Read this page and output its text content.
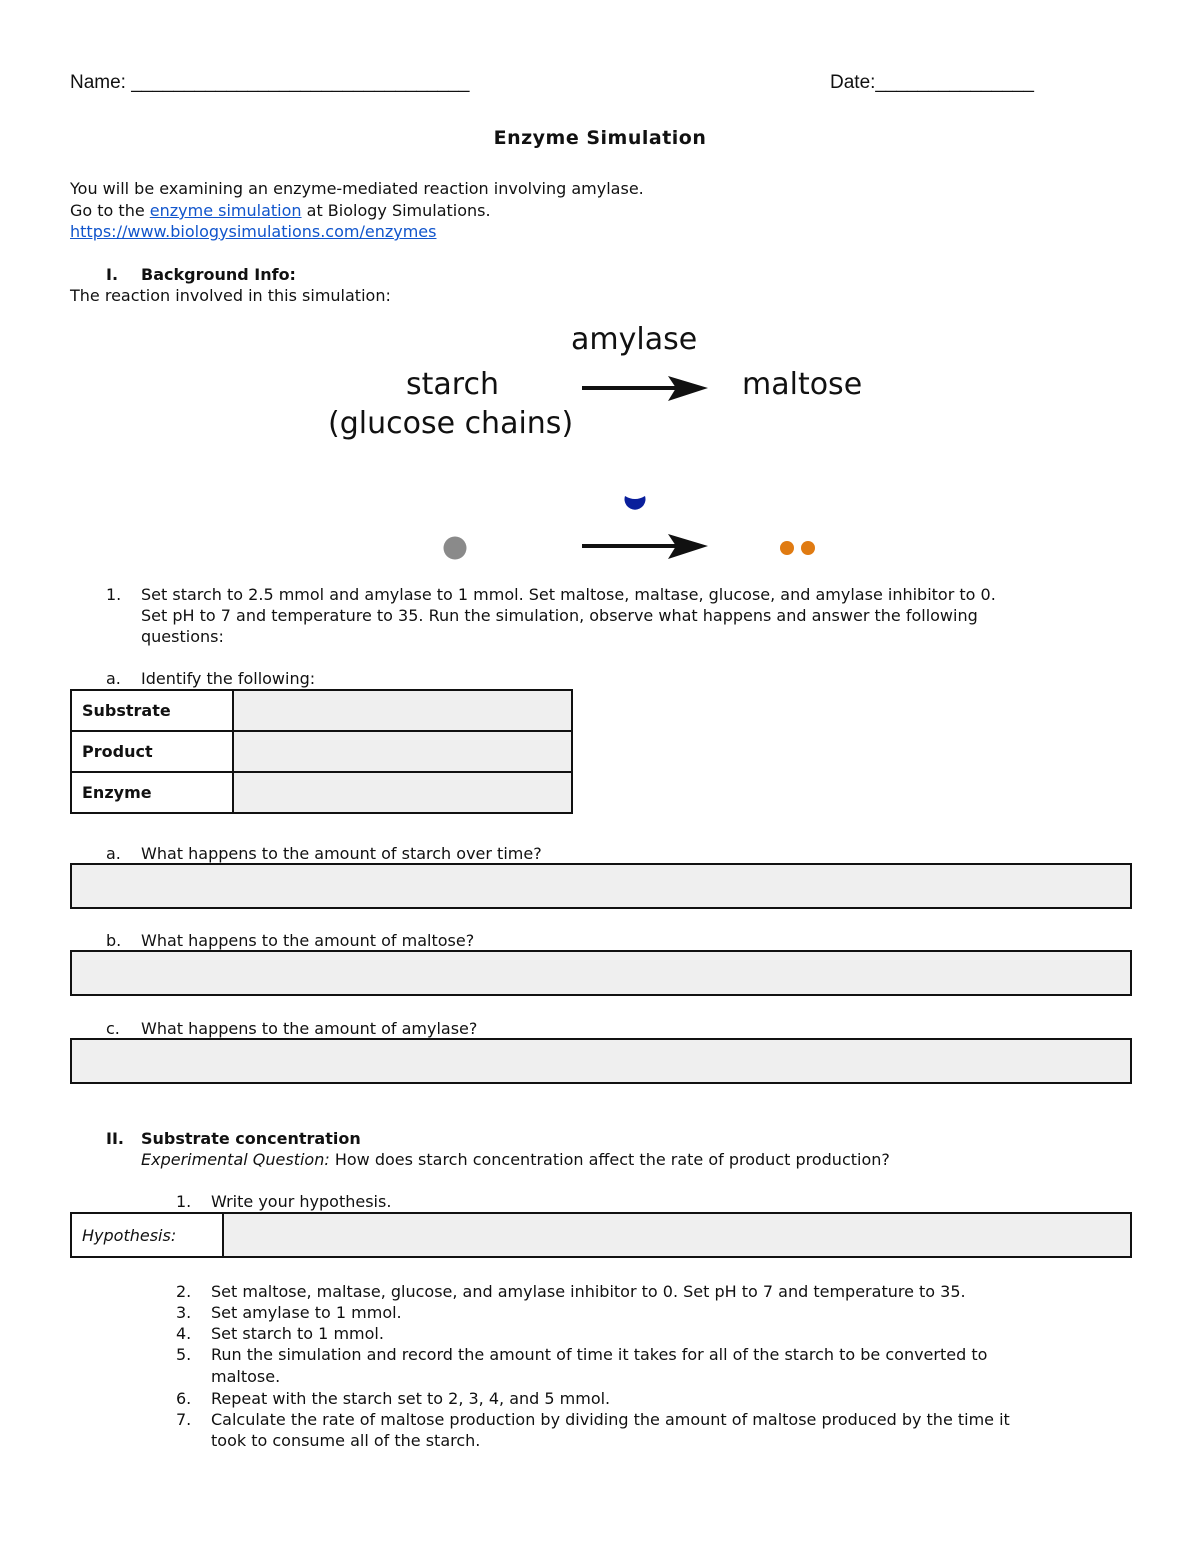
Name: ________________________________	Date:_______________
Enzyme Simulation
You will be examining an enzyme-mediated reaction involving amylase.
Go to the enzyme simulation at Biology Simulations.
https://www.biologysimulations.com/enzymes
I. Background Info:
The reaction involved in this simulation:
amylase
starch
(glucose chains)
maltose
1. Set starch to 2.5 mmol and amylase to 1 mmol. Set maltose, maltase, glucose, and amylase inhibitor to 0.
Set pH to 7 and temperature to 35. Run the simulation, observe what happens and answer the following
questions:
a. Identify the following:
Substrate	
Product	
Enzyme	
a. What happens to the amount of starch over time?
b. What happens to the amount of maltose?
c. What happens to the amount of amylase?
II. Substrate concentration
Experimental Question: How does starch concentration affect the rate of product production?
1. Write your hypothesis.
Hypothesis:
2. Set maltose, maltase, glucose, and amylase inhibitor to 0. Set pH to 7 and temperature to 35.
3. Set amylase to 1 mmol.
4. Set starch to 1 mmol.
5. Run the simulation and record the amount of time it takes for all of the starch to be converted to
maltose.
6. Repeat with the starch set to 2, 3, 4, and 5 mmol.
7. Calculate the rate of maltose production by dividing the amount of maltose produced by the time it
took to consume all of the starch.
